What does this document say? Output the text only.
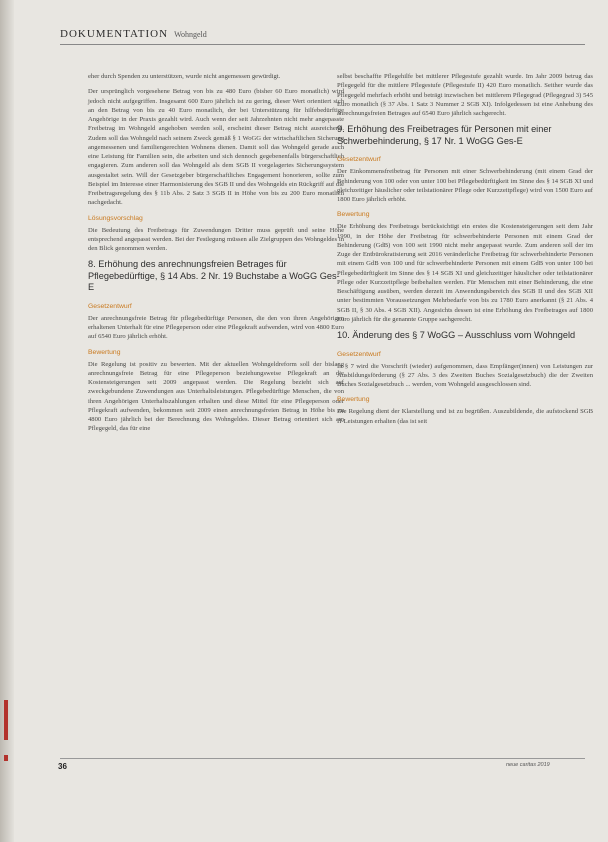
DOKUMENTATION Wohngeld

eher durch Spenden zu unterstützen, wurde nicht angemessen gewürdigt.

Der ursprünglich vorgesehene Betrag von bis zu 480 Euro (bisher 60 Euro monatlich) wird jedoch nicht aufgegriffen. Insgesamt 600 Euro jährlich ist zu gering, dieser Wert orientiert sich an den Betrag von bis zu 40 Euro monatlich, der bei Unterstützung für hilfebedürftige Angehörige in der Praxis gezahlt wird. Auch wenn der seit Jahrzehnten nicht mehr angepasste Freibetrag im Wohngeld angehoben werden soll, erscheint dieser Betrag nicht ausreichend. Zudem soll das Wohngeld nach seinem Zweck gemäß § 1 WoGG der wirtschaftlichen Sicherung angemessenen und familiengerechten Wohnens dienen. Damit soll das Wohngeld gerade auch eine Leistung für Familien sein, die arbeiten und sich dennoch gegebenenfalls bürgerschaftlich engagieren. Zum anderen soll das Wohngeld als dem SGB II vorgelagertes Sicherungssystem ausgestaltet sein. Will der Gesetzgeber bürgerschaftliches Engagement honorieren, sollte zum Beispiel im Interesse einer Harmonisierung des SGB II und des Wohngelds ein Rückgriff auf die Freibetragsregelung des § 11b Abs. 2 Satz 3 SGB II in Höhe von bis zu 200 Euro monatlich nachgedacht.

Lösungsvorschlag

Die Bedeutung des Freibetrags für Zuwendungen Dritter muss geprüft und seine Höhe entsprechend angepasst werden. Bei der Festlegung müssen alle Zielgruppen des Wohngeldes in den Blick genommen werden.

8. Erhöhung des anrechnungsfreien Betrages für Pflegebedürftige, § 14 Abs. 2 Nr. 19 Buchstabe a WoGG Ges-E
Gesetzentwurf

Der anrechnungsfreie Betrag für pflegebedürftige Personen, die den von ihren Angehörigen erhaltenen Unterhalt für eine Pflegeperson oder eine Pflegekraft aufwenden, wird von 4800 Euro auf 6540 Euro jährlich erhöht.

Bewertung

Die Regelung ist positiv zu bewerten. Mit der aktuellen Wohngeldreform soll der bislang anrechnungsfreie Betrag für eine Pflegeperson beziehungsweise Pflegekraft an die Kostensteigerungen seit 2009 angepasst werden. Die Regelung bezieht sich auf zweckgebundene Zuwendungen aus Unterhaltsleistungen. Pflegebedürftige Menschen, die von ihren Angehörigen Unterhaltszahlungen erhalten und diese Mittel für eine Pflegeperson oder Pflegekraft aufwenden, bekommen seit 2009 einen anrechnungsfreien Betrag in Höhe bis zu 4800 Euro jährlich bei der Berechnung des Wohngeldes. Dieser Betrag orientiert sich am Pflegegeld, das für eine

selbst beschaffte Pflegehilfe bei mittlerer Pflegestufe gezahlt wurde. Im Jahr 2009 betrug das Pflegegeld für die mittlere Pflegestufe (Pflegestufe II) 420 Euro monatlich. Seither wurde das Pflegegeld mehrfach erhöht und beträgt inzwischen bei mittlerem Pflegegrad (Pflegegrad 3) 545 Euro monatlich (§ 37 Abs. 1 Satz 3 Nummer 2 SGB XI). Infolgedessen ist eine Anhebung des anrechnungsfreien Betrages auf 6540 Euro jährlich sachgerecht.

9. Erhöhung des Freibetrages für Personen mit einer Schwerbehinderung, § 17 Nr. 1 WoGG Ges-E
Gesetzentwurf

Der Einkommensfreibetrag für Personen mit einer Schwerbehinderung (mit einem Grad der Behinderung von 100 oder von unter 100 bei Pflegebedürftigkeit im Sinne des § 14 SGB XI und gleichzeitiger häuslicher oder teilstationärer Pflege oder Kurzzeitpflege) wird von 1500 Euro auf 1800 Euro jährlich erhöht.

Bewertung

Die Erhöhung des Freibetrags berücksichtigt ein erstes die Kostensteigerungen seit dem Jahr 1990, in der Höhe der Freibetrag für schwerbehinderte Personen mit einem Grad der Behinderung (GdB) von 100 seit 1990 nicht mehr angepasst wurde. Zum anderen soll der im Zuge der Entbürokratisierung seit 2016 veränderliche Freibetrag für schwerbehinderte Personen mit einem GdB von 100 und für schwerbehinderte Personen mit einem GdB von unter 100 bei Pflegebedürftigkeit im Sinne des § 14 SGB XI und gleichzeitiger häuslicher oder teilstationärer Pflege oder Kurzzeitpflege beibehalten werden. Für Menschen mit einer Behinderung, die eine Beschäftigung ausüben, werden derzeit im Anwendungsbereich des SGB II und des SGB XII unter bestimmten Voraussetzungen Mehrbedarfe von bis zu 1780 Euro anerkannt (§ 21 Abs. 4 SGB II, § 30 Abs. 4 SGB XII). Angesichts dessen ist eine Erhöhung des Freibetrages auf 1800 Euro jährlich für die genannte Gruppe sachgerecht.

10. Änderung des § 7 WoGG – Ausschluss vom Wohngeld
Gesetzentwurf

In § 7 wird die Vorschrift (wieder) aufgenommen, dass Empfänger(innen) von Leistungen zur Ausbildungsförderung (§ 27 Abs. 3 des Zweiten Buches Sozialgesetzbuch) die der Zweiten Buches Sozialgesetzbuch ... werden, vom Wohngeld ausgeschlossen sind.

Bewertung

Die Regelung dient der Klarstellung und ist zu begrüßen. Auszubildende, die aufstockend SGB II-Leistungen erhalten (das ist seit

36	neue caritas 2019
